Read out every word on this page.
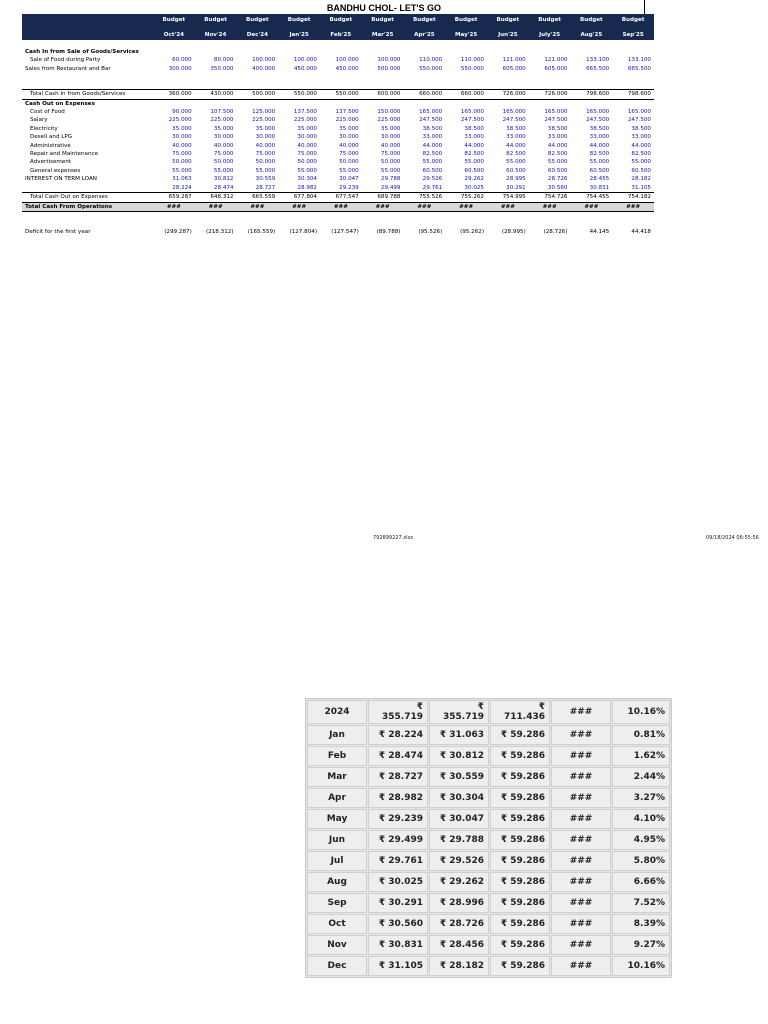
BANDHU CHOL- LET'S GO
	Budget	Budget	Budget	Budget	Budget	Budget	Budget	Budget	Budget	Budget	Budget	Budget

	Oct'24	Nov'24	Dec'24	Jan'25	Feb'25	Mar'25	Apr'25	May'25	Jun'25	July'25	Aug'25	Sep'25

Cash In from Sale of Goods/Services												
Sale of Food during Party	60.000	80.000	100.000	100.000	100.000	100.000	110.000	110.000	121.000	121.000	133.100	133.100
Sales from Restaurant and Bar	300.000	350.000	400.000	450.000	450.000	500.000	550.000	550.000	605.000	605.000	665.500	665.500

Total Cash In from Goods/Services	360.000	430.000	500.000	550.000	550.000	600.000	660.000	660.000	726.000	726.000	798.600	798.600
Cash Out on Expenses												
Cost of Food	90.000	107.500	125.000	137.500	137.500	150.000	165.000	165.000	165.000	165.000	165.000	165.000
Salary	225.000	225.000	225.000	225.000	225.000	225.000	247.500	247.500	247.500	247.500	247.500	247.500
Electricity	35.000	35.000	35.000	35.000	35.000	35.000	38.500	38.500	38.500	38.500	38.500	38.500
Desell and LPG	30.000	30.000	30.000	30.000	30.000	30.000	33.000	33.000	33.000	33.000	33.000	33.000
Administrative	40.000	40.000	40.000	40.000	40.000	40.000	44.000	44.000	44.000	44.000	44.000	44.000
Repair and Maintenance	75.000	75.000	75.000	75.000	75.000	75.000	82.500	82.500	82.500	82.500	82.500	82.500
Advertisement	50.000	50.000	50.000	50.000	50.000	50.000	55.000	55.000	55.000	55.000	55.000	55.000
General expenses	55.000	55.000	55.000	55.000	55.000	55.000	60.500	60.500	60.500	60.500	60.500	60.500
INTEREST ON TERM LOAN	31.063	30.812	30.559	30.304	30.047	29.788	29.526	29.262	28.995	28.726	28.455	28.182
	28.224	28.474	28.727	28.982	29.239	29.499	29.761	30.025	30.291	30.560	30.831	31.105
Total Cash Out on Expenses	659.287	648.312	665.559	677.804	677.547	689.788	755.526	755.262	754.995	754.726	754.455	754.182
Total Cash From Operations	###	###	###	###	###	###	###	###	###	###	###	###

Deficit for the first year	(299.287)	(218.312)	(165.559)	(127.804)	(127.547)	(89.788)	(95.526)	(95.262)	(28.995)	(28.726)	44.145	44.418
792899227.xlsx	09/18/2024 06:55:56
2024	₹ 355.719	₹ 355.719	₹ 711.436	###	10.16%
Jan	₹ 28.224	₹ 31.063	₹ 59.286	###	0.81%
Feb	₹ 28.474	₹ 30.812	₹ 59.286	###	1.62%
Mar	₹ 28.727	₹ 30.559	₹ 59.286	###	2.44%
Apr	₹ 28.982	₹ 30.304	₹ 59.286	###	3.27%
May	₹ 29.239	₹ 30.047	₹ 59.286	###	4.10%
Jun	₹ 29.499	₹ 29.788	₹ 59.286	###	4.95%
Jul	₹ 29.761	₹ 29.526	₹ 59.286	###	5.80%
Aug	₹ 30.025	₹ 29.262	₹ 59.286	###	6.66%
Sep	₹ 30.291	₹ 28.996	₹ 59.286	###	7.52%
Oct	₹ 30.560	₹ 28.726	₹ 59.286	###	8.39%
Nov	₹ 30.831	₹ 28.456	₹ 59.286	###	9.27%
Dec	₹ 31.105	₹ 28.182	₹ 59.286	###	10.16%
